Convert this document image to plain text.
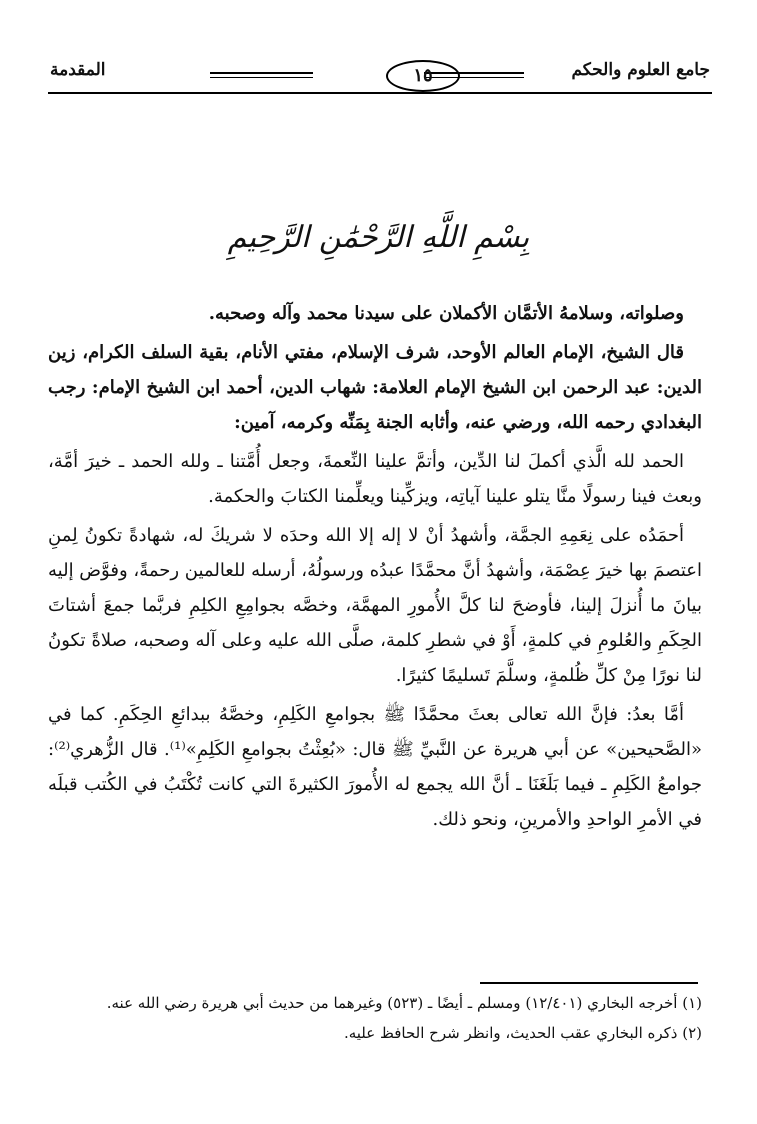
جامع العلوم والحكم
١٥
المقدمة
بِسْمِ اللَّهِ الرَّحْمَٰنِ الرَّحِيمِ

وصلواته، وسلامهُ الأتمَّان الأكملان على سيدنا محمد وآله وصحبه.

قال الشيخ، الإمام العالم الأوحد، شرف الإسلام، مفتي الأنام، بقية السلف الكرام، زين الدين: عبد الرحمن ابن الشيخ الإمام العلامة: شهاب الدين، أحمد ابن الشيخ الإمام: رجب البغدادي رحمه الله، ورضي عنه، وأثابه الجنة بِمَنِّه وكرمه، آمين:

الحمد لله الَّذي أكملَ لنا الدِّين، وأتمَّ علينا النِّعمةَ، وجعل أُمَّتنا ـ ولله الحمد ـ خيرَ أمَّة، وبعث فينا رسولًا منَّا يتلو علينا آياتِه، ويزكِّينا ويعلِّمنا الكتابَ والحكمة.

أحمَدُه على نِعَمِهِ الجمَّة، وأشهدُ أنْ لا إله إلا الله وحدَه لا شريكَ له، شهادةً تكونُ لِمنِ اعتصمَ بها خيرَ عِصْمَة، وأشهدُ أنَّ محمَّدًا عبدُه ورسولُهُ، أرسله للعالمين رحمةً، وفوَّض إليه بيانَ ما أُنزلَ إلينا، فأوضحَ لنا كلَّ الأُمورِ المهمَّة، وخصَّه بجوامِعِ الكلِمِ فربَّما جمعَ أشتاتَ الحِكَمِ والعُلومِ في كلمةٍ، أَوْ في شطرِ كلمة، صلَّى الله عليه وعلى آله وصحبه، صلاةً تكونُ لنا نورًا مِنْ كلِّ ظُلمةٍ، وسلَّمَ تَسليمًا كثيرًا.

أمَّا بعدُ: فإنَّ الله تعالى بعثَ محمَّدًا ﷺ بجوامعِ الكَلِمِ، وخصَّهُ ببدائعِ الحِكَمِ. كما في «الصَّحيحين» عن أبي هريرة عن النَّبيِّ ﷺ قال: «بُعِثْتُ بجوامعِ الكَلِمِ»⁽¹⁾. قال الزُّهري⁽²⁾: جوامعُ الكَلِمِ ـ فيما بَلَغَنَا ـ أنَّ الله يجمع له الأُمورَ الكثيرةَ التي كانت تُكْتَبُ في الكُتب قبلَه في الأمرِ الواحدِ والأمرينِ، ونحو ذلك.

(١) أخرجه البخاري (١٢/٤٠١) ومسلم ـ أيضًا ـ (٥٢٣) وغيرهما من حديث أبي هريرة رضي الله عنه.

(٢) ذكره البخاري عقب الحديث، وانظر شرح الحافظ عليه.
